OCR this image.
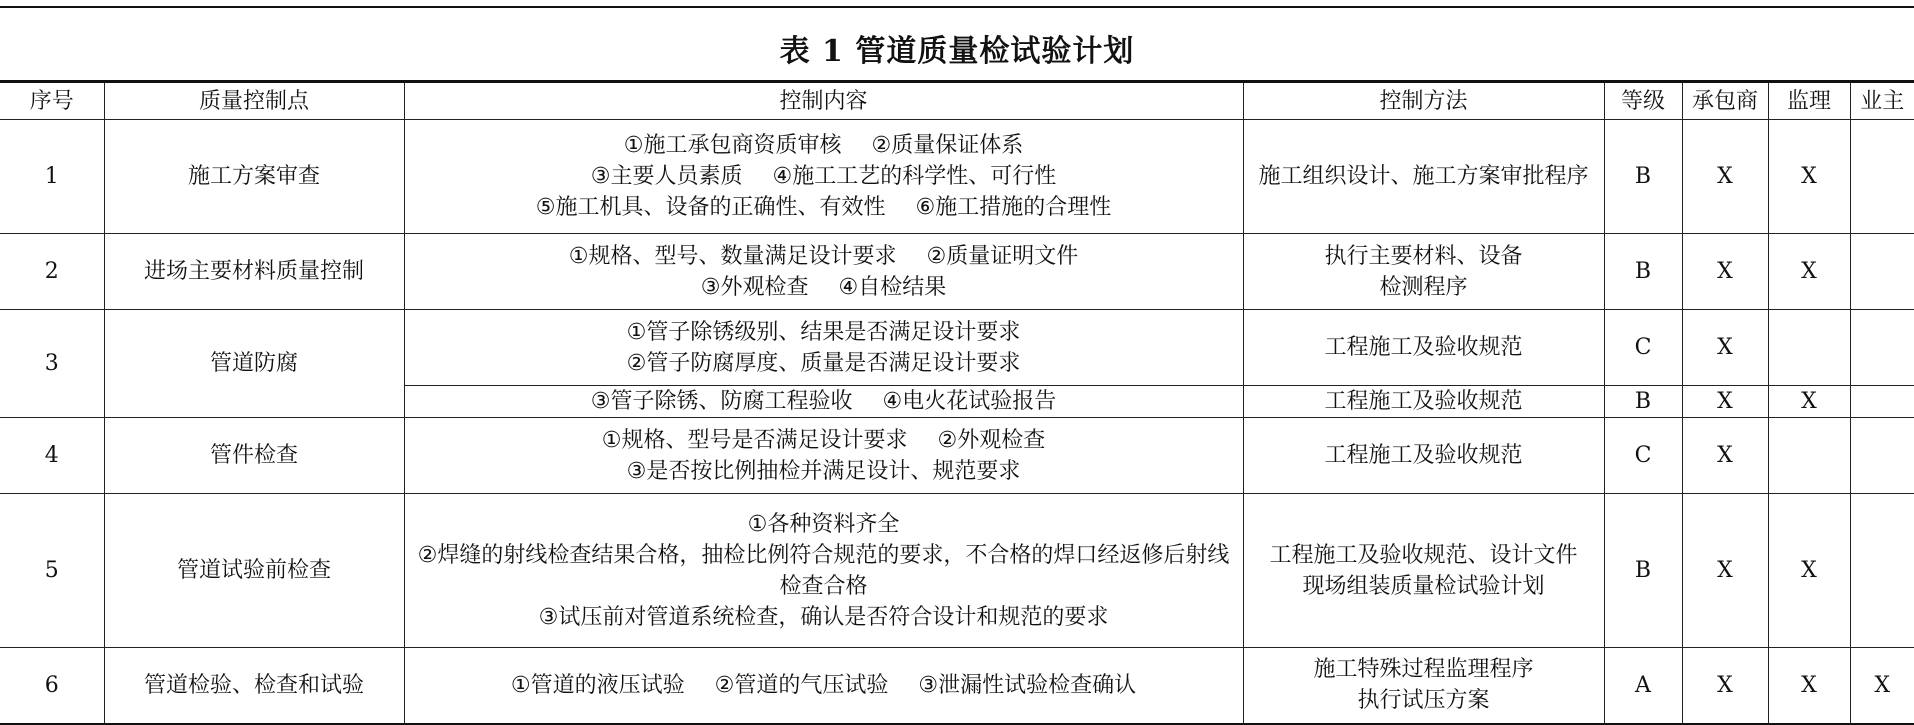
表 1 管道质量检试验计划
序号	质量控制点	控制内容	控制方法	等级	承包商	监理	业主
1	施工方案审查	①施工承包商资质审核 ②质量保证体系
③主要人员素质 ④施工工艺的科学性、可行性
⑤施工机具、设备的正确性、有效性 ⑥施工措施的合理性	施工组织设计、施工方案审批程序	B	X	X	
2	进场主要材料质量控制	①规格、型号、数量满足设计要求 ②质量证明文件
③外观检查 ④自检结果	执行主要材料、设备
检测程序	B	X	X	
3	管道防腐	①管子除锈级别、结果是否满足设计要求
②管子防腐厚度、质量是否满足设计要求	工程施工及验收规范	C	X		

		③管子除锈、防腐工程验收 ④电火花试验报告	工程施工及验收规范	B	X	X	
4	管件检查	①规格、型号是否满足设计要求 ②外观检查
③是否按比例抽检并满足设计、规范要求	工程施工及验收规范	C	X		
5	管道试验前检查	①各种资料齐全
②焊缝的射线检查结果合格，抽检比例符合规范的要求，不合格的焊口经返修后射线检查合格
③试压前对管道系统检查，确认是否符合设计和规范的要求	工程施工及验收规范、设计文件
现场组装质量检试验计划	B	X	X	
6	管道检验、检查和试验	①管道的液压试验 ②管道的气压试验 ③泄漏性试验检查确认	施工特殊过程监理程序
执行试压方案	A	X	X	X
